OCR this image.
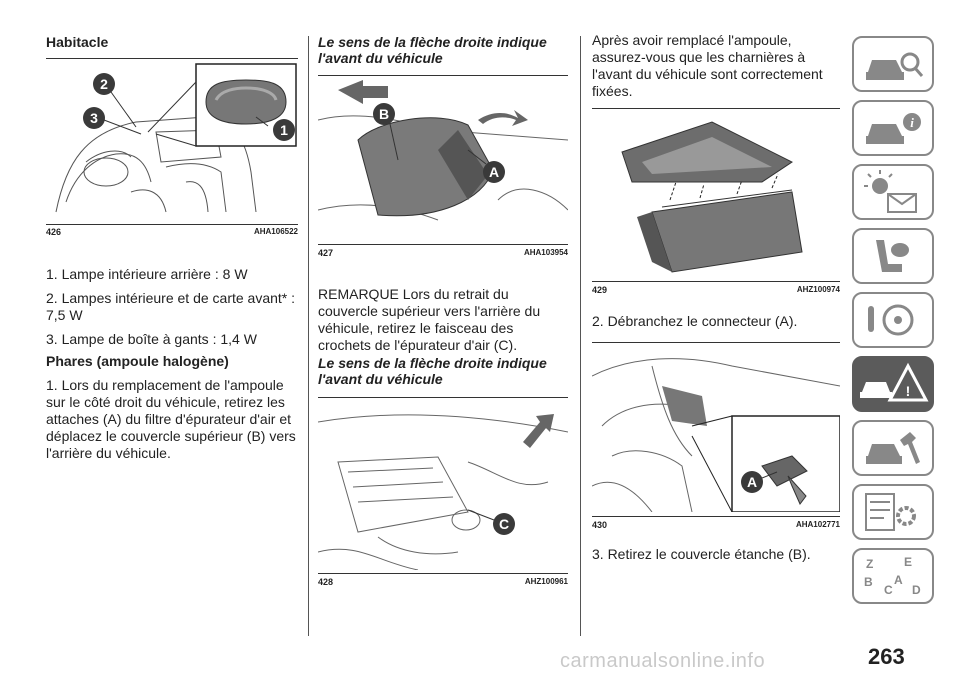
Habitacle
2
3
1
426	AHA106522

1. Lampe intérieure arrière : 8 W

2. Lampes intérieure et de carte avant* : 7,5 W

3. Lampe de boîte à gants : 1,4 W

Phares (ampoule halogène)

1. Lors du remplacement de l'ampoule sur le côté droit du véhicule, retirez les attaches (A) du filtre d'épurateur d'air et déplacez le couvercle supérieur (B) vers l'arrière du véhicule.

Le sens de la flèche droite indique l'avant du véhicule

B
A
427	AHA103954

REMARQUE Lors du retrait du couvercle supérieur vers l'arrière du véhicule, retirez le faisceau des crochets de l'épurateur d'air (C).

Le sens de la flèche droite indique l'avant du véhicule

C
428	AHZ100961

Après avoir remplacé l'ampoule, assurez-vous que les charnières à l'avant du véhicule sont correctement fixées.

429	AHZ100974

2. Débranchez le connecteur (A).

A
430	AHA102771

3. Retirez le couvercle étanche (B).

i
!
Z	E
B
C
A
D
263
carmanualsonline.info
